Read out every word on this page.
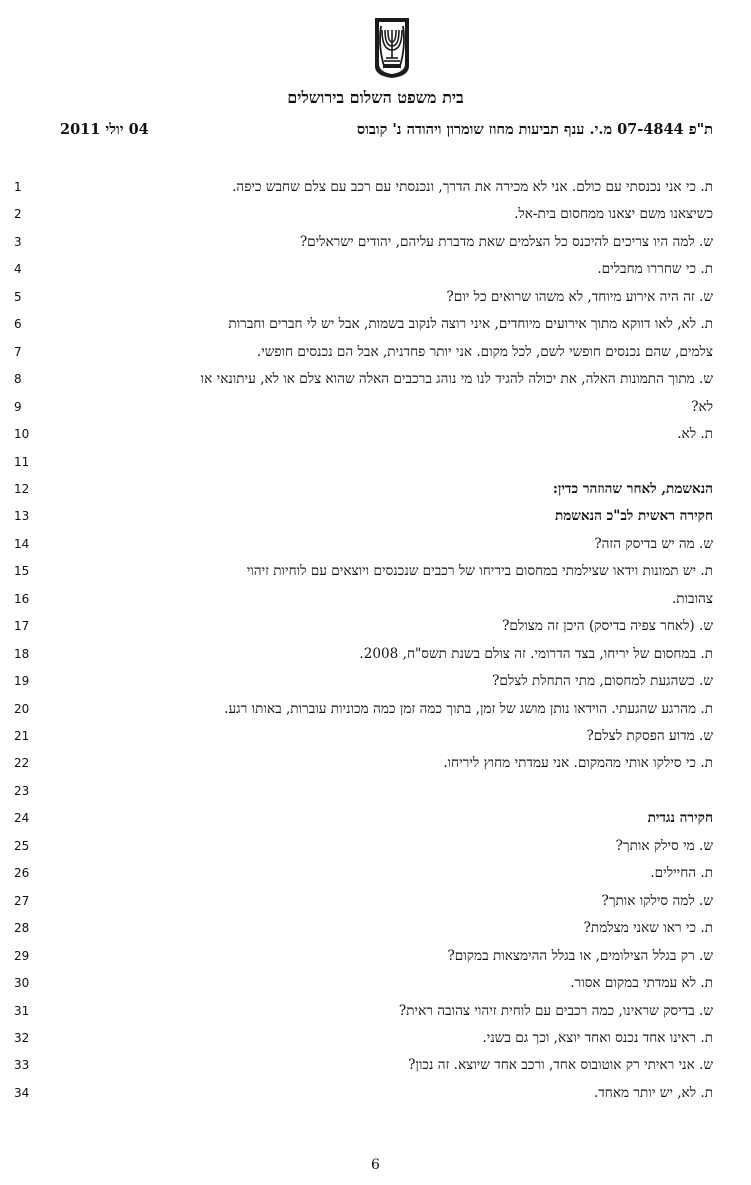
בית משפט השלום בירושלים
ת"פ 07-4844 מ.י. ענף תביעות מחוז שומרון ויהודה נ' קובוס
04 יולי 2011
1	ת. כי אני נכנסתי עם כולם. אני לא מכירה את הדרך, ונכנסתי עם רכב עם צלם שחבש כיפה.
2	כשיצאנו משם יצאנו ממחסום בית-אל.
3	ש. למה היו צריכים להיכנס כל הצלמים שאת מדברת עליהם, יהודים ישראלים?
4	ת. כי שחררו מחבלים.
5	ש. זה היה אירוע מיוחד, לא משהו שרואים כל יום?
6	ת. לא, לאו דווקא מתוך אירועים מיוחדים, איני רוצה לנקוב בשמות, אבל יש לי חברים וחברות
7	צלמים, שהם נכנסים חופשי לשם, לכל מקום. אני יותר פחדנית, אבל הם נכנסים חופשי.
8	ש. מתוך התמונות האלה, את יכולה להגיד לנו מי נוהג ברכבים האלה שהוא צלם או לא, עיתונאי או
9	לא?
10	ת. לא.
11
12	הנאשמת, לאחר שהוזהר כדין:
13	חקירה ראשית לב"כ הנאשמת
14	ש. מה יש בדיסק הזה?
15	ת. יש תמונות וידאו שצילמתי במחסום ביריחו של רכבים שנכנסים ויוצאים עם לוחיות זיהוי
16	צהובות.
17	ש. (לאחר צפיה בדיסק) היכן זה מצולם?
18	ת. במחסום של יריחו, בצד הדרומי. זה צולם בשנת תשס"ח, 2008.
19	ש. כשהגעת למחסום, מתי התחלת לצלם?
20	ת. מהרגע שהגעתי. הוידאו נותן מושג של זמן, בתוך כמה זמן כמה מכוניות עוברות, באותו רגע.
21	ש. מדוע הפסקת לצלם?
22	ת. כי סילקו אותי מהמקום. אני עמדתי מחוץ ליריחו.
23
24	חקירה נגדית
25	ש. מי סילק אותך?
26	ת. החיילים.
27	ש. למה סילקו אותך?
28	ת. כי ראו שאני מצלמת?
29	ש. רק בגלל הצילומים, או בגלל ההימצאות במקום?
30	ת. לא עמדתי במקום אסור.
31	ש. בדיסק שראינו, כמה רכבים עם לוחית זיהוי צהובה ראית?
32	ת. ראינו אחד נכנס ואחד יוצא, וכך גם בשני.
33	ש. אני ראיתי רק אוטובוס אחד, ורכב אחד שיוצא. זה נכון?
34	ת. לא, יש יותר מאחד.
6
